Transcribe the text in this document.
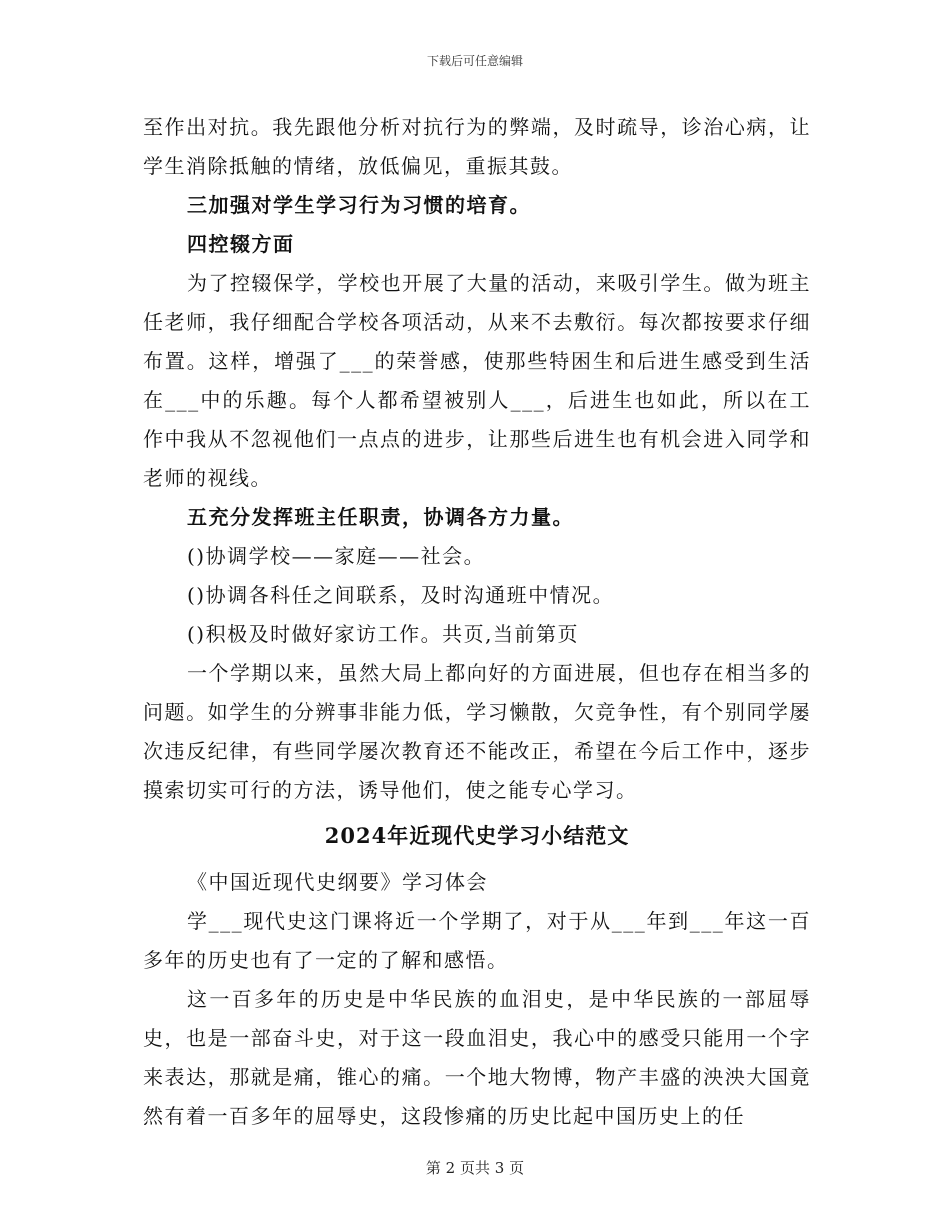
下载后可任意编辑

至作出对抗。我先跟他分析对抗行为的弊端，及时疏导，诊治心病，让学生消除抵触的情绪，放低偏见，重振其鼓。

三加强对学生学习行为习惯的培育。

四控辍方面

为了控辍保学，学校也开展了大量的活动，来吸引学生。做为班主任老师，我仔细配合学校各项活动，从来不去敷衍。每次都按要求仔细布置。这样，增强了___的荣誉感，使那些特困生和后进生感受到生活在___中的乐趣。每个人都希望被别人___，后进生也如此，所以在工作中我从不忽视他们一点点的进步，让那些后进生也有机会进入同学和老师的视线。

五充分发挥班主任职责，协调各方力量。

()协调学校——家庭——社会。

()协调各科任之间联系，及时沟通班中情况。

()积极及时做好家访工作。共页,当前第页

一个学期以来，虽然大局上都向好的方面进展，但也存在相当多的问题。如学生的分辨事非能力低，学习懒散，欠竞争性，有个别同学屡次违反纪律，有些同学屡次教育还不能改正，希望在今后工作中，逐步摸索切实可行的方法，诱导他们，使之能专心学习。

2024年近现代史学习小结范文

《中国近现代史纲要》学习体会

学___现代史这门课将近一个学期了，对于从___年到___年这一百多年的历史也有了一定的了解和感悟。

这一百多年的历史是中华民族的血泪史，是中华民族的一部屈辱史，也是一部奋斗史，对于这一段血泪史，我心中的感受只能用一个字来表达，那就是痛，锥心的痛。一个地大物博，物产丰盛的泱泱大国竟然有着一百多年的屈辱史，这段惨痛的历史比起中国历史上的任

第 2 页共 3 页
